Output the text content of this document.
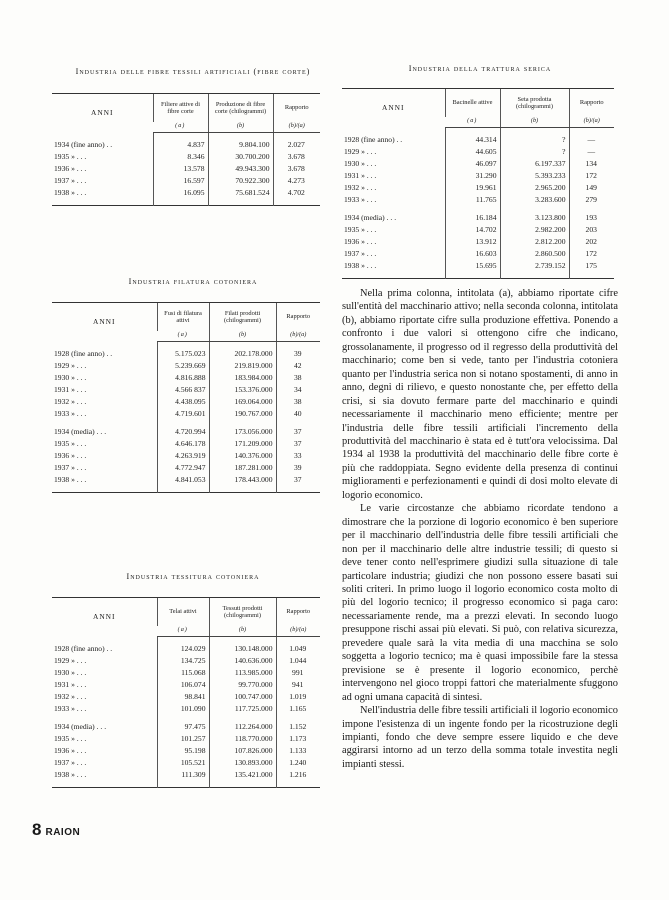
Industria delle fibre tessili artificiali (fibre corte)
ANNI	Filiere attive di fibre corte	Produzione di fibre corte (chilogrammi)	Rapporto
	(a)	(b)	(b)/(a)

1934 (fine anno) . .	4.837	9.804.100	2.027
1935 » . . .	8.346	30.700.200	3.678
1936 » . . .	13.578	49.943.300	3.678
1937 » . . .	16.597	70.922.300	4.273
1938 » . . .	16.095	75.681.524	4.702

Industria filatura cotoniera
ANNI	Fusi di filatura attivi	Filati prodotti (chilogrammi)	Rapporto
	(a)	(b)	(b)/(a)

1928 (fine anno) . .	5.175.023	202.178.000	39
1929 » . . .	5.239.669	219.819.000	42
1930 » . . .	4.816.888	183.984.000	38
1931 » . . .	4.566 837	153.376.000	34
1932 » . . .	4.438.095	169.064.000	38
1933 » . . .	4.719.601	190.767.000	40

1934 (media) . . .	4.720.994	173.056.000	37
1935 » . . .	4.646.178	171.209.000	37
1936 » . . .	4.263.919	140.376.000	33
1937 » . . .	4.772.947	187.281.000	39
1938 » . . .	4.841.053	178.443.000	37

Industria tessitura cotoniera
ANNI	Telai attivi	Tessuti prodotti (chilogrammi)	Rapporto
	(a)	(b)	(b)/(a)

1928 (fine anno) . .	124.029	130.148.000	1.049
1929 » . . .	134.725	140.636.000	1.044
1930 » . . .	115.068	113.985.000	991
1931 » . . .	106.074	99.770.000	941
1932 » . . .	98.841	100.747.000	1.019
1933 » . . .	101.090	117.725.000	1.165

1934 (media) . . .	97.475	112.264.000	1.152
1935 » . . .	101.257	118.770.000	1.173
1936 » . . .	95.198	107.826.000	1.133
1937 » . . .	105.521	130.893.000	1.240
1938 » . . .	111.309	135.421.000	1.216

Industria della trattura serica
ANNI	Bacinelle attive	Seta prodotta (chilogrammi)	Rapporto
	(a)	(b)	(b)/(a)

1928 (fine anno) . .	44.314	?	—
1929 » . . .	44.605	?	—
1930 » . . .	46.097	6.197.337	134
1931 » . . .	31.290	5.393.233	172
1932 » . . .	19.961	2.965.200	149
1933 » . . .	11.765	3.283.600	279

1934 (media) . . .	16.184	3.123.800	193
1935 » . . .	14.702	2.982.200	203
1936 » . . .	13.912	2.812.200	202
1937 » . . .	16.603	2.860.500	172
1938 » . . .	15.695	2.739.152	175

Nella prima colonna, intitolata (a), abbiamo riportate cifre sull'entità del macchinario attivo; nella seconda colonna, intitolata (b), abbiamo riportate cifre sulla produzione effettiva. Ponendo a confronto i due valori si ottengono cifre che indicano, grossolanamente, il progresso od il regresso della produttività del macchinario; come ben si vede, tanto per l'industria cotoniera quanto per l'industria serica non si notano spostamenti, di anno in anno, degni di rilievo, e questo nonostante che, per effetto della crisi, si sia dovuto fermare parte del macchinario e quindi necessariamente il macchinario meno efficiente; mentre per l'industria delle fibre tessili artificiali l'incremento della produttività del macchinario è stata ed è tutt'ora velocissima. Dal 1934 al 1938 la produttività del macchinario delle fibre corte è più che raddoppiata. Segno evidente della presenza di continui miglioramenti e perfezionamenti e quindi di dosi molto elevate di logorio economico.

Le varie circostanze che abbiamo ricordate tendono a dimostrare che la porzione di logorio economico è ben superiore per il macchinario dell'industria delle fibre tessili artificiali che non per il macchinario delle altre industrie tessili; di questo si deve tener conto nell'esprimere giudizi sulla situazione di tale particolare industria; giudizi che non possono essere basati sui soliti criteri. In primo luogo il logorio economico costa molto di più del logorio tecnico; il progresso economico si paga caro: necessariamente rende, ma a prezzi elevati. In secondo luogo presuppone rischi assai più elevati. Si può, con relativa sicurezza, prevedere quale sarà la vita media di una macchina se solo soggetta a logorio tecnico; ma è quasi impossibile fare la stessa previsione se è presente il logorio economico, perchè intervengono nel gioco troppi fattori che materialmente sfuggono ad ogni umana capacità di sintesi.

Nell'industria delle fibre tessili artificiali il logorio economico impone l'esistenza di un ingente fondo per la ricostruzione degli impianti, fondo che deve sempre essere liquido e che deve aggirarsi intorno ad un terzo della somma totale investita negli impianti stessi.

8 RAION
